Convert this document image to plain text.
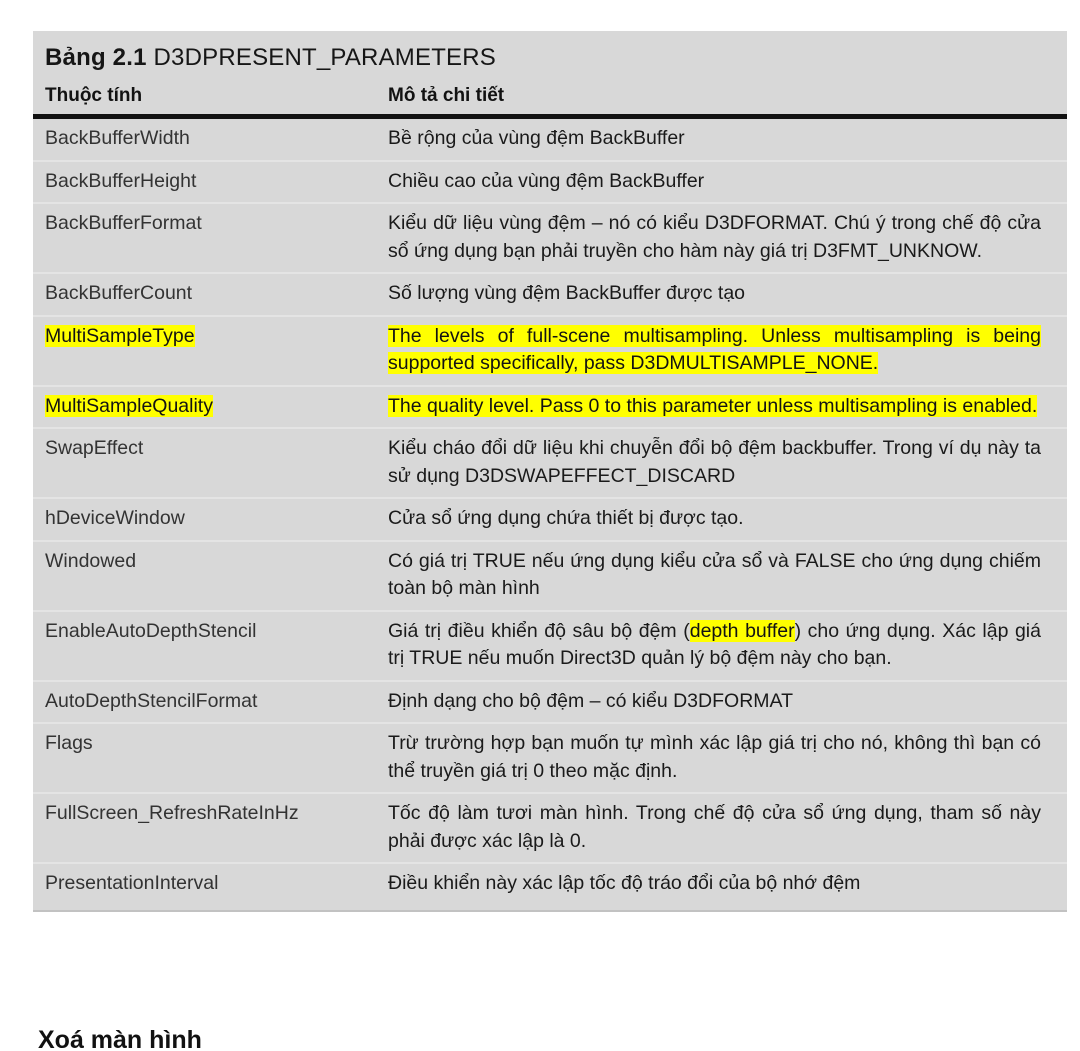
Bảng 2.1 D3DPRESENT_PARAMETERS
Thuộc tính	Mô tả chi tiết
BackBufferWidth	Bề rộng của vùng đệm BackBuffer
BackBufferHeight	Chiều cao của vùng đệm BackBuffer
BackBufferFormat	Kiểu dữ liệu vùng đệm – nó có kiểu D3DFORMAT. Chú ý trong chế độ cửa sổ ứng dụng bạn phải truyền cho hàm này giá trị D3FMT_UNKNOW.
BackBufferCount	Số lượng vùng đệm BackBuffer được tạo
MultiSampleType	The levels of full-scene multisampling. Unless multisampling is being supported specifically, pass D3DMULTISAMPLE_NONE.
MultiSampleQuality	The quality level. Pass 0 to this parameter unless multisampling is enabled.
SwapEffect	Kiểu cháo đổi dữ liệu khi chuyễn đổi bộ đệm backbuffer. Trong ví dụ này ta sử dụng D3DSWAPEFFECT_DISCARD
hDeviceWindow	Cửa sổ ứng dụng chứa thiết bị được tạo.
Windowed	Có giá trị TRUE nếu ứng dụng kiểu cửa sổ và FALSE cho ứng dụng chiếm toàn bộ màn hình
EnableAutoDepthStencil	Giá trị điều khiển độ sâu bộ đệm (depth buffer) cho ứng dụng. Xác lập giá trị TRUE nếu muốn Direct3D quản lý bộ đệm này cho bạn.
AutoDepthStencilFormat	Định dạng cho bộ đệm – có kiểu D3DFORMAT
Flags	Trừ trường hợp bạn muốn tự mình xác lập giá trị cho nó, không thì bạn có thể truyền giá trị 0 theo mặc định.
FullScreen_RefreshRateInHz	Tốc độ làm tươi màn hình. Trong chế độ cửa sổ ứng dụng, tham số này phải được xác lập là 0.
PresentationInterval	Điều khiển này xác lập tốc độ tráo đổi của bộ nhớ đệm
Xoá màn hình
